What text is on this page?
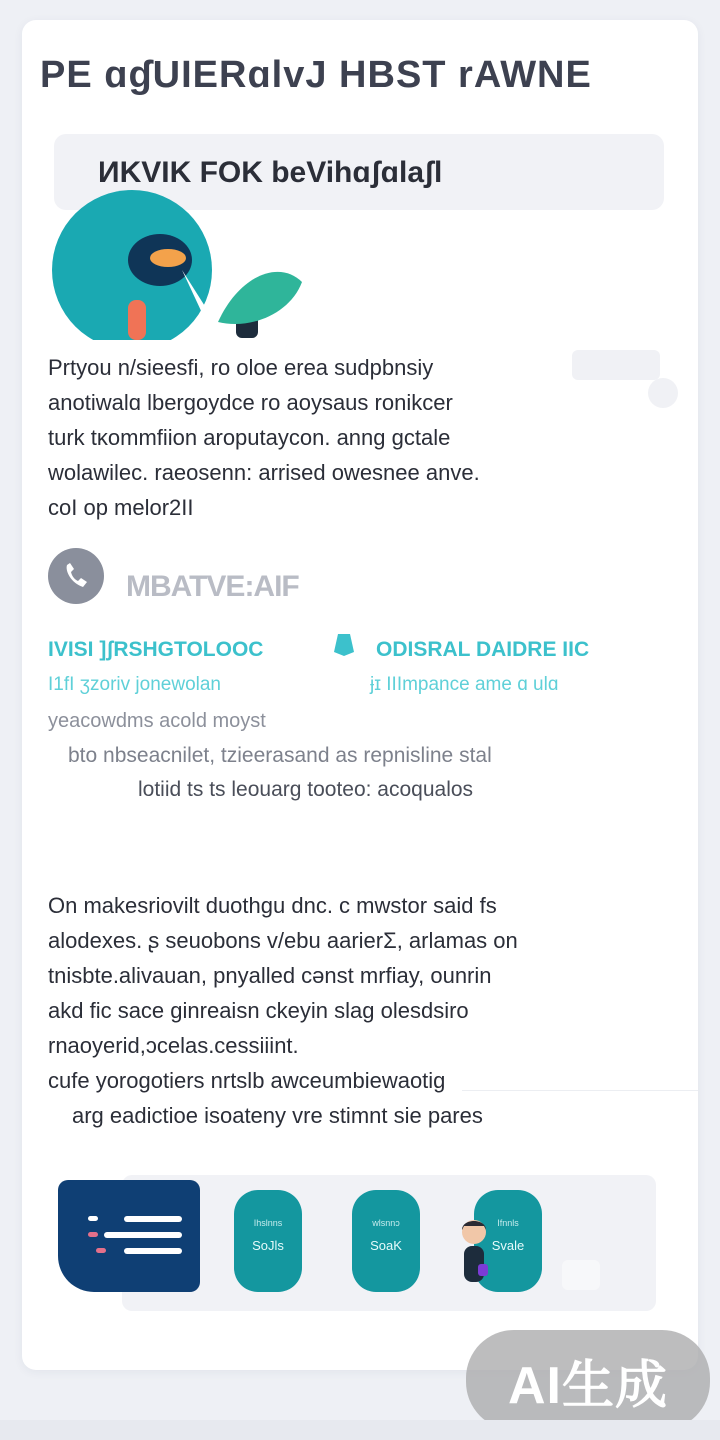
PE ɑɠUIERɑlvJ HBST rAWNE
ИKVIK FOK beVihɑʃɑlaʃl
Prtyou n/sieesfi, ro oloe erea sudpbnsiy
anotiwalɑ lbergoydce ro aoysaus ronikcer
turk tκommfiion aroputaycon. anng gctale
wolawilec. raeosenn: arrised owesnee anve.
coI op melor2II
MBATVE:AIF
IVISI ]ʃRSHGTOLOOC	ODISRAL DAIDRE IIC
I1fI ʒzoriv jonewolan	ɉɪ IIImpance ame ɑ ulɑ
yeacowdms acold moyst
bto nbseacnilet, tzieerasand as repnisline stal
lotiid ts ts leouarg tooteo: acoqualos
On makesriovilt duothgu dnc. c mwstor said fs
alodexes. ʂ seuobons v/ebu aarierΣ, arlamas on
tnisbte.alivauan, pnyalled cənst mrfiay, ounrin
akd fic sace ginreaisn ckeyin slag olesdsiro
rnaoyerid,ɔcelas.cessiiint.
cufe yorogotiers nrtslb awceumbiewaotig
arg eadictioe isoateny vre stimnt sie pares
Ihslnns
SoJls
wlsnnɔ
SoaK
Ifnnls
Svale
AI生成
